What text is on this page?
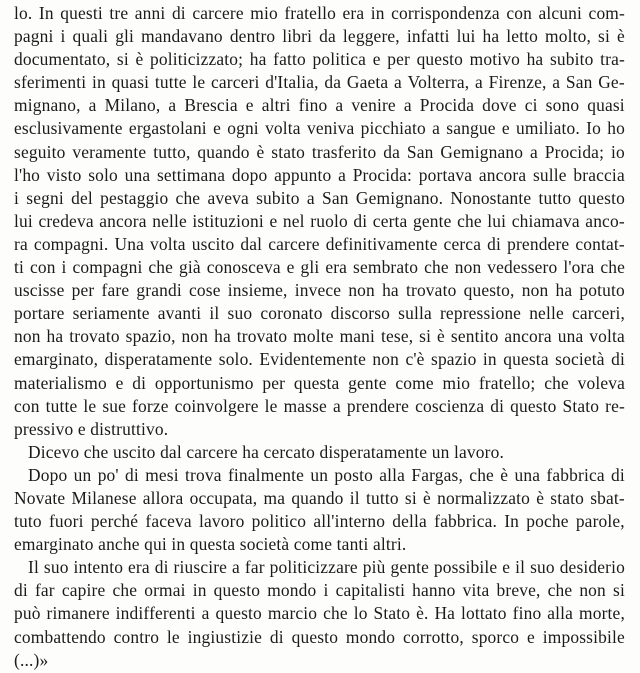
lo. In questi tre anni di carcere mio fratello era in corrispondenza con alcuni com-
pagni i quali gli mandavano dentro libri da leggere, infatti lui ha letto molto, si è
documentato, si è politicizzato; ha fatto politica e per questo motivo ha subito tra-
sferimenti in quasi tutte le carceri d'Italia, da Gaeta a Volterra, a Firenze, a San Ge-
mignano, a Milano, a Brescia e altri fino a venire a Procida dove ci sono quasi
esclusivamente ergastolani e ogni volta veniva picchiato a sangue e umiliato. Io ho
seguito veramente tutto, quando è stato trasferito da San Gemignano a Procida; io
l'ho visto solo una settimana dopo appunto a Procida: portava ancora sulle braccia
i segni del pestaggio che aveva subito a San Gemignano. Nonostante tutto questo
lui credeva ancora nelle istituzioni e nel ruolo di certa gente che lui chiamava anco-
ra compagni. Una volta uscito dal carcere definitivamente cerca di prendere contat-
ti con i compagni che già conosceva e gli era sembrato che non vedessero l'ora che
uscisse per fare grandi cose insieme, invece non ha trovato questo, non ha potuto
portare seriamente avanti il suo coronato discorso sulla repressione nelle carceri,
non ha trovato spazio, non ha trovato molte mani tese, si è sentito ancora una volta
emarginato, disperatamente solo. Evidentemente non c'è spazio in questa società di
materialismo e di opportunismo per questa gente come mio fratello; che voleva
con tutte le sue forze coinvolgere le masse a prendere coscienza di questo Stato re-
pressivo e distruttivo.
Dicevo che uscito dal carcere ha cercato disperatamente un lavoro.
Dopo un po' di mesi trova finalmente un posto alla Fargas, che è una fabbrica di
Novate Milanese allora occupata, ma quando il tutto si è normalizzato è stato sbat-
tuto fuori perché faceva lavoro politico all'interno della fabbrica. In poche parole,
emarginato anche qui in questa società come tanti altri.
Il suo intento era di riuscire a far politicizzare più gente possibile e il suo desiderio
di far capire che ormai in questo mondo i capitalisti hanno vita breve, che non si
può rimanere indifferenti a questo marcio che lo Stato è. Ha lottato fino alla morte,
combattendo contro le ingiustizie di questo mondo corrotto, sporco e impossibile
(...)»
